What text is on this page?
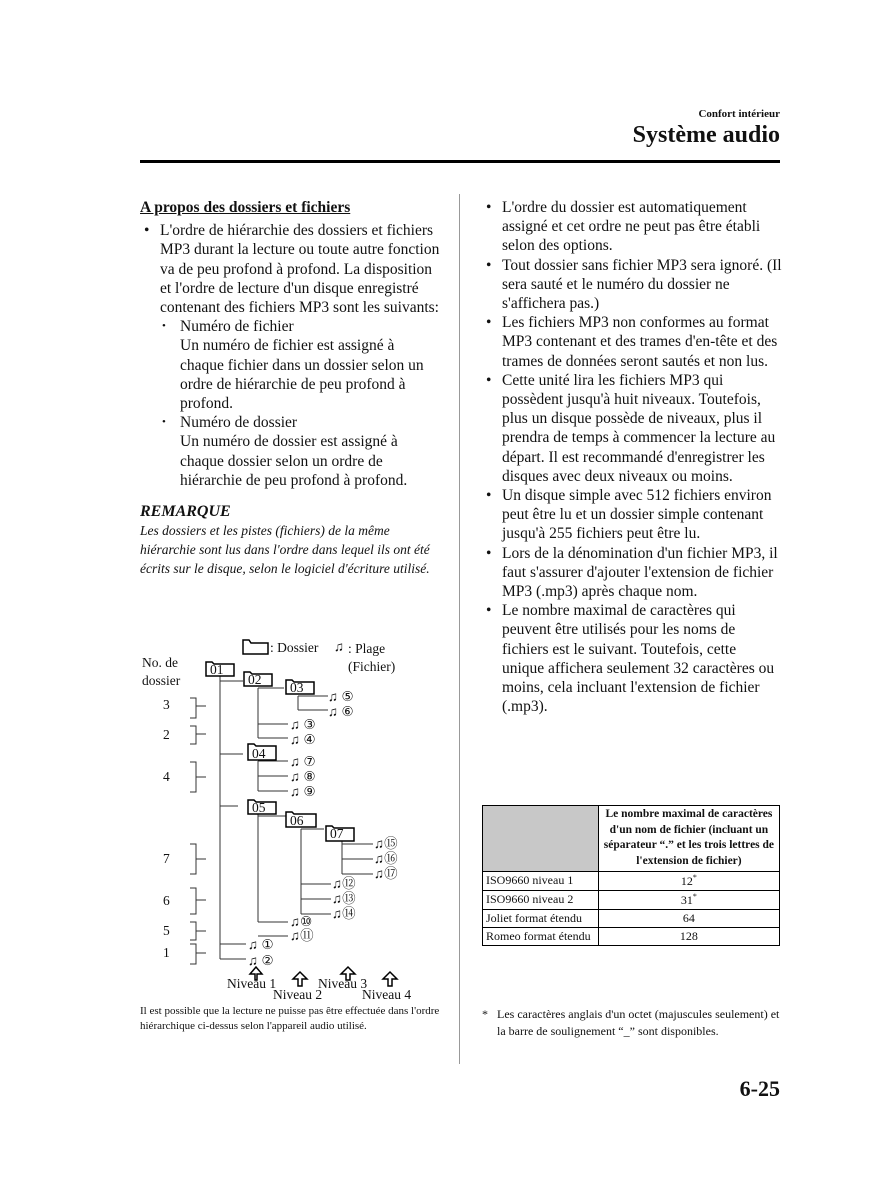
Confort intérieur
Système audio
A propos des dossiers et fichiers
• L'ordre de hiérarchie des dossiers et fichiers MP3 durant la lecture ou toute autre fonction va de peu profond à profond. La disposition et l'ordre de lecture d'un disque enregistré contenant des fichiers MP3 sont les suivants:
• Numéro de fichier
Un numéro de fichier est assigné à chaque fichier dans un dossier selon un ordre de hiérarchie de peu profond à profond.
• Numéro de dossier
Un numéro de dossier est assigné à chaque dossier selon un ordre de hiérarchie de peu profond à profond.
REMARQUE
Les dossiers et les pistes (fichiers) de la même hiérarchie sont lus dans l'ordre dans lequel ils ont été écrits sur le disque, selon le logiciel d'écriture utilisé.
: Dossier ♫ : Plage
(Fichier)
No. de
dossier
01
02
03
04
05
06
07
3
2
4
7
6
5
1
♫ ⑤
♫ ⑥
♫ ③
♫ ④
♫ ⑦
♫ ⑧
♫ ⑨
♫⑮
♫⑯
♫⑰
♫⑫
♫⑬
♫⑭
♫⑩
♫⑪
♫ ①
♫ ②
Niveau 1
Niveau 2
Niveau 3
Niveau 4
Il est possible que la lecture ne puisse pas être effectuée dans l'ordre hiérarchique ci-dessus selon l'appareil audio utilisé.
• L'ordre du dossier est automatiquement assigné et cet ordre ne peut pas être établi selon des options.
• Tout dossier sans fichier MP3 sera ignoré. (Il sera sauté et le numéro du dossier ne s'affichera pas.)
• Les fichiers MP3 non conformes au format MP3 contenant et des trames d'en-tête et des trames de données seront sautés et non lus.
• Cette unité lira les fichiers MP3 qui possèdent jusqu'à huit niveaux. Toutefois, plus un disque possède de niveaux, plus il prendra de temps à commencer la lecture au départ. Il est recommandé d'enregistrer les disques avec deux niveaux ou moins.
• Un disque simple avec 512 fichiers environ peut être lu et un dossier simple contenant jusqu'à 255 fichiers peut être lu.
• Lors de la dénomination d'un fichier MP3, il faut s'assurer d'ajouter l'extension de fichier MP3 (.mp3) après chaque nom.
• Le nombre maximal de caractères qui peuvent être utilisés pour les noms de fichiers est le suivant. Toutefois, cette unique affichera seulement 32 caractères ou moins, cela incluant l'extension de fichier (.mp3).
	Le nombre maximal de caractères d'un nom de fichier (incluant un séparateur “.” et les trois lettres de l'extension de fichier)
ISO9660 niveau 1	12*
ISO9660 niveau 2	31*
Joliet format étendu	64
Romeo format étendu	128
* Les caractères anglais d'un octet (majuscules seulement) et la barre de soulignement “_” sont disponibles.
6-25
